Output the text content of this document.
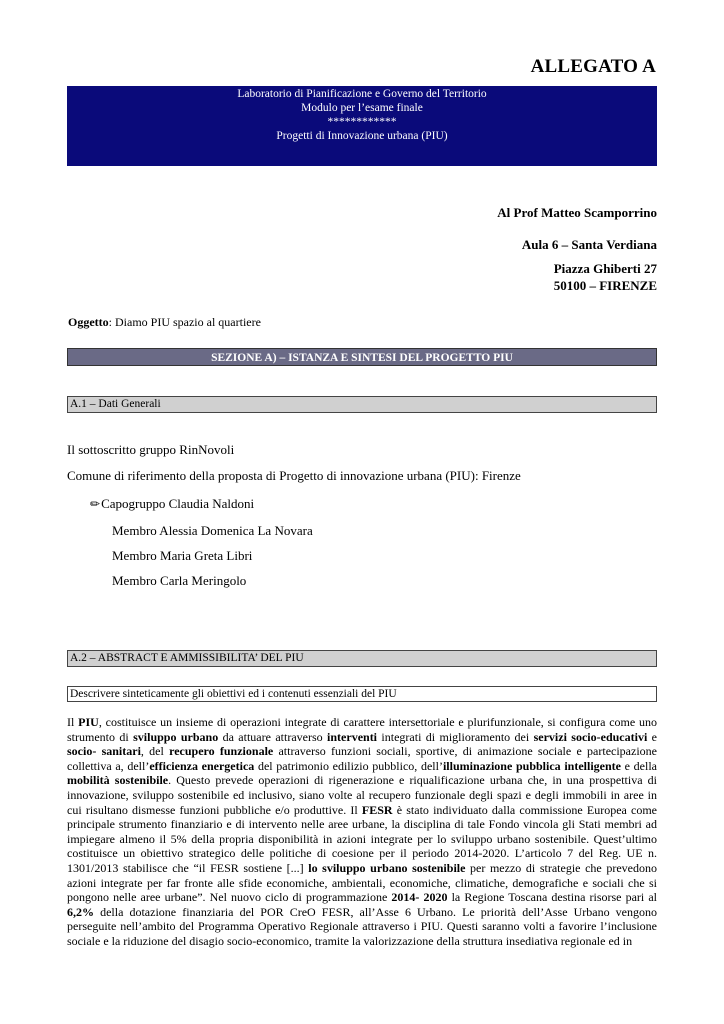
ALLEGATO A
Laboratorio di Pianificazione e Governo del Territorio
Modulo per l’esame finale
************
Progetti di Innovazione urbana (PIU)
Al Prof Matteo Scamporrino
Aula 6 – Santa Verdiana
Piazza Ghiberti 27
50100 – FIRENZE
Oggetto: Diamo PIU spazio al quartiere
SEZIONE A) – ISTANZA E SINTESI DEL PROGETTO PIU
A.1 – Dati Generali
Il sottoscritto gruppo RinNovoli
Comune di riferimento della proposta di Progetto di innovazione urbana (PIU): Firenze
✏Capogruppo Claudia Naldoni
Membro Alessia Domenica La Novara
Membro Maria Greta Libri
Membro Carla Meringolo
A.2 – ABSTRACT E AMMISSIBILITA’ DEL PIU
Descrivere sinteticamente gli obiettivi ed i contenuti essenziali del PIU
Il PIU, costituisce un insieme di operazioni integrate di carattere intersettoriale e plurifunzionale, si configura come uno strumento di sviluppo urbano da attuare attraverso interventi integrati di miglioramento dei servizi socio-educativi e socio- sanitari, del recupero funzionale attraverso funzioni sociali, sportive, di animazione sociale e partecipazione collettiva a, dell’efficienza energetica del patrimonio edilizio pubblico, dell’illuminazione pubblica intelligente e della mobilità sostenibile. Questo prevede operazioni di rigenerazione e riqualificazione urbana che, in una prospettiva di innovazione, sviluppo sostenibile ed inclusivo, siano volte al recupero funzionale degli spazi e degli immobili in aree in cui risultano dismesse funzioni pubbliche e/o produttive. Il FESR è stato individuato dalla commissione Europea come principale strumento finanziario e di intervento nelle aree urbane, la disciplina di tale Fondo vincola gli Stati membri ad impiegare almeno il 5% della propria disponibilità in azioni integrate per lo sviluppo urbano sostenibile. Quest’ultimo costituisce un obiettivo strategico delle politiche di coesione per il periodo 2014-2020. L’articolo 7 del Reg. UE n. 1301/2013 stabilisce che “il FESR sostiene [...] lo sviluppo urbano sostenibile per mezzo di strategie che prevedono azioni integrate per far fronte alle sfide economiche, ambientali, economiche, climatiche, demografiche e sociali che si pongono nelle aree urbane”. Nel nuovo ciclo di programmazione 2014- 2020 la Regione Toscana destina risorse pari al 6,2% della dotazione finanziaria del POR CreO FESR, all’Asse 6 Urbano. Le priorità dell’Asse Urbano vengono perseguite nell’ambito del Programma Operativo Regionale attraverso i PIU. Questi saranno volti a favorire l’inclusione sociale e la riduzione del disagio socio-economico, tramite la valorizzazione della struttura insediativa regionale ed in
